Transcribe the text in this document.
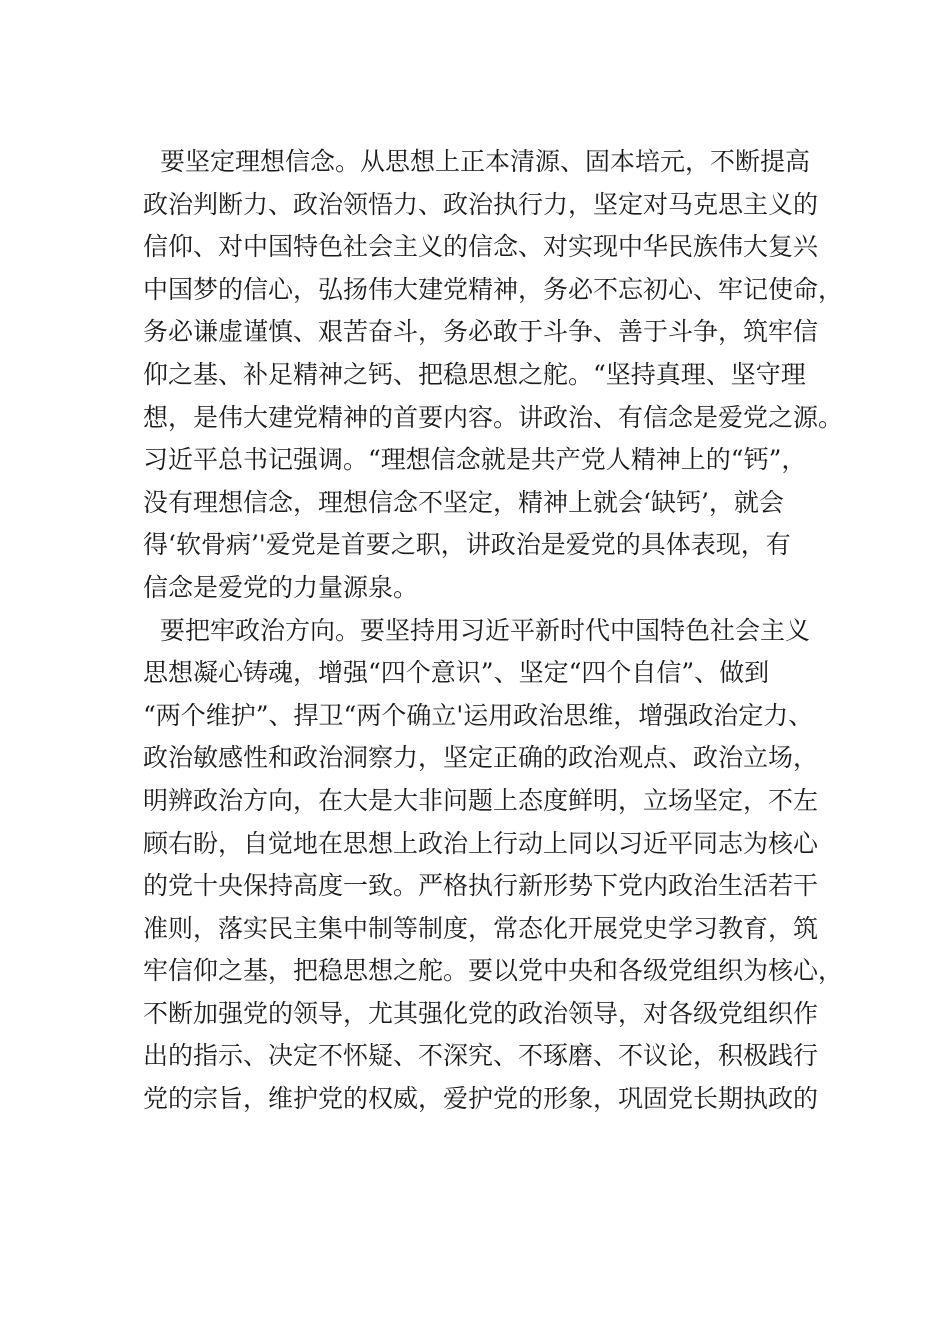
要坚定理想信念。从思想上正本清源、固本培元，不断提高
政治判断力、政治领悟力、政治执行力，坚定对马克思主义的
信仰、对中国特色社会主义的信念、对实现中华民族伟大复兴
中国梦的信心，弘扬伟大建党精神，务必不忘初心、牢记使命，
务必谦虚谨慎、艰苦奋斗，务必敢于斗争、善于斗争，筑牢信
仰之基、补足精神之钙、把稳思想之舵。“坚持真理、坚守理
想，是伟大建党精神的首要内容。讲政治、有信念是爱党之源。
习近平总书记强调。“理想信念就是共产党人精神上的“钙”，
没有理想信念，理想信念不坚定，精神上就会‘缺钙’，就会
得‘软骨病’'爱党是首要之职，讲政治是爱党的具体表现，有
信念是爱党的力量源泉。
要把牢政治方向。要坚持用习近平新时代中国特色社会主义
思想凝心铸魂，增强“四个意识”、坚定“四个自信”、做到
“两个维护”、捍卫“两个确立'运用政治思维，增强政治定力、
政治敏感性和政治洞察力，坚定正确的政治观点、政治立场，
明辨政治方向，在大是大非问题上态度鲜明，立场坚定，不左
顾右盼，自觉地在思想上政治上行动上同以习近平同志为核心
的党十央保持高度一致。严格执行新形势下党内政治生活若干
准则，落实民主集中制等制度，常态化开展党史学习教育，筑
牢信仰之基，把稳思想之舵。要以党中央和各级党组织为核心，
不断加强党的领导，尤其强化党的政治领导，对各级党组织作
出的指示、决定不怀疑、不深究、不琢磨、不议论，积极践行
党的宗旨，维护党的权威，爱护党的形象，巩固党长期执政的
